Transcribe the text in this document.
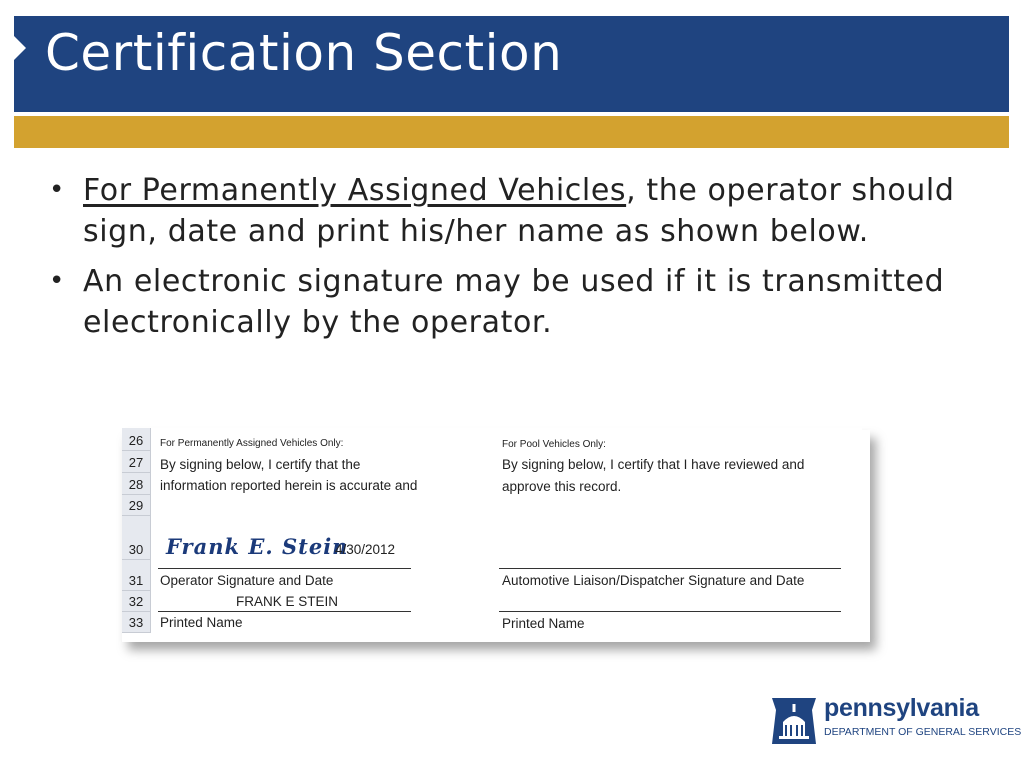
Certification Section
• For Permanently Assigned Vehicles, the operator should sign, date and print his/her name as shown below.
• An electronic signature may be used if it is transmitted electronically by the operator.
26
27
28
29
30
31
32
33
For Permanently Assigned Vehicles Only:
By signing below, I certify that the
information reported herein is accurate and
Frank E. Stein
4/30/2012
Operator Signature and Date
FRANK E STEIN
Printed Name
For Pool Vehicles Only:
By signing below, I certify that I have reviewed and
approve this record.
Automotive Liaison/Dispatcher Signature and Date
Printed Name
pennsylvania
DEPARTMENT OF GENERAL SERVICES
